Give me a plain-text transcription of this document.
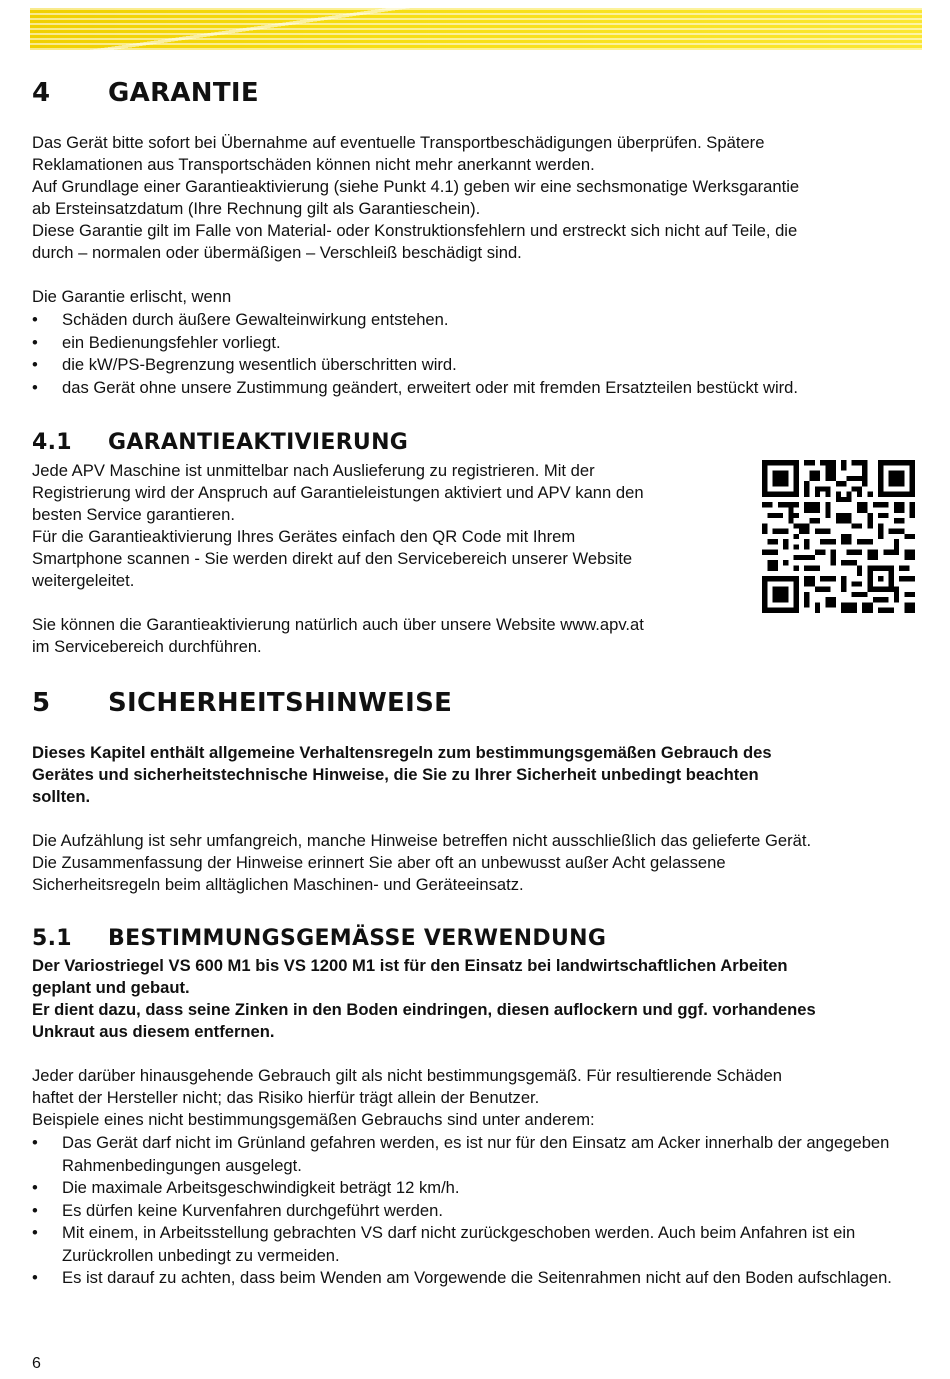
4 GARANTIE
Das Gerät bitte sofort bei Übernahme auf eventuelle Transportbeschädigungen überprüfen. Spätere
Reklamationen aus Transportschäden können nicht mehr anerkannt werden.
Auf Grundlage einer Garantieaktivierung (siehe Punkt 4.1) geben wir eine sechsmonatige Werksgarantie
ab Ersteinsatzdatum (Ihre Rechnung gilt als Garantieschein).
Diese Garantie gilt im Falle von Material- oder Konstruktionsfehlern und erstreckt sich nicht auf Teile, die
durch – normalen oder übermäßigen – Verschleiß beschädigt sind.
Die Garantie erlischt, wenn
• Schäden durch äußere Gewalteinwirkung entstehen.
• ein Bedienungsfehler vorliegt.
• die kW/PS-Begrenzung wesentlich überschritten wird.
• das Gerät ohne unsere Zustimmung geändert, erweitert oder mit fremden Ersatzteilen bestückt wird.
4.1 GARANTIEAKTIVIERUNG
Jede APV Maschine ist unmittelbar nach Auslieferung zu registrieren. Mit der
Registrierung wird der Anspruch auf Garantieleistungen aktiviert und APV kann den
besten Service garantieren.
Für die Garantieaktivierung Ihres Gerätes einfach den QR Code mit Ihrem
Smartphone scannen - Sie werden direkt auf den Servicebereich unserer Website
weitergeleitet.
Sie können die Garantieaktivierung natürlich auch über unsere Website www.apv.at
im Servicebereich durchführen.
5 SICHERHEITSHINWEISE
Dieses Kapitel enthält allgemeine Verhaltensregeln zum bestimmungsgemäßen Gebrauch des
Gerätes und sicherheitstechnische Hinweise, die Sie zu Ihrer Sicherheit unbedingt beachten
sollten.
Die Aufzählung ist sehr umfangreich, manche Hinweise betreffen nicht ausschließlich das gelieferte Gerät.
Die Zusammenfassung der Hinweise erinnert Sie aber oft an unbewusst außer Acht gelassene
Sicherheitsregeln beim alltäglichen Maschinen- und Geräteeinsatz.
5.1 BESTIMMUNGSGEMÄSSE VERWENDUNG
Der Variostriegel VS 600 M1 bis VS 1200 M1 ist für den Einsatz bei landwirtschaftlichen Arbeiten
geplant und gebaut.
Er dient dazu, dass seine Zinken in den Boden eindringen, diesen auflockern und ggf. vorhandenes
Unkraut aus diesem entfernen.
Jeder darüber hinausgehende Gebrauch gilt als nicht bestimmungsgemäß. Für resultierende Schäden
haftet der Hersteller nicht; das Risiko hierfür trägt allein der Benutzer.
Beispiele eines nicht bestimmungsgemäßen Gebrauchs sind unter anderem:
• Das Gerät darf nicht im Grünland gefahren werden, es ist nur für den Einsatz am Acker innerhalb der angegeben Rahmenbedingungen ausgelegt.
• Die maximale Arbeitsgeschwindigkeit beträgt 12 km/h.
• Es dürfen keine Kurvenfahren durchgeführt werden.
• Mit einem, in Arbeitsstellung gebrachten VS darf nicht zurückgeschoben werden. Auch beim Anfahren ist ein Zurückrollen unbedingt zu vermeiden.
• Es ist darauf zu achten, dass beim Wenden am Vorgewende die Seitenrahmen nicht auf den Boden aufschlagen.
6
